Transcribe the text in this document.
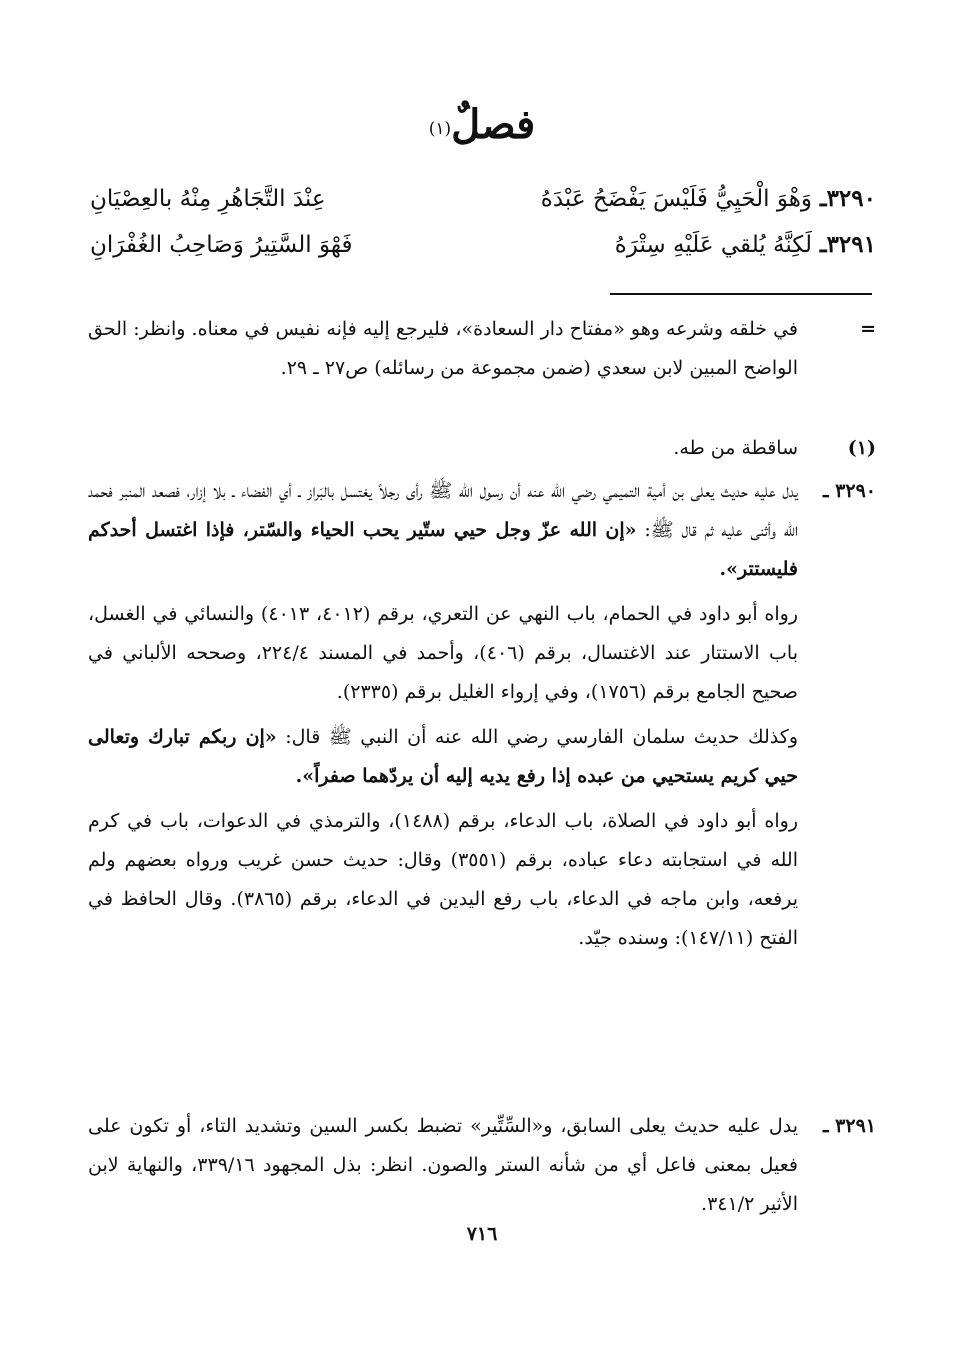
فصلٌ$^{(١)}$
٣٢٩٠ـ
وَهْوَ الْحَيِيُّ فَلَيْسَ يَفْضَحُ عَبْدَهُ
عِنْدَ التَّجَاهُرِ مِنْهُ بالعِصْيَانِ
٣٢٩١ـ
لَكِنَّهُ يُلقي عَلَيْهِ سِتْرَهُ
فَهْوَ السَّتِيرُ وَصَاحِبُ الغُفْرَانِ
=

في خلقه وشرعه وهو «مفتاح دار السعادة»، فليرجع إليه فإنه نفيس في معناه. وانظر: الحق الواضح المبين لابن سعدي (ضمن مجموعة من رسائله) ص٢٧ ـ ٢٩.

(١)

ساقطة من طه.

٣٢٩٠ ـ

يدل عليه حديث يعلى بن أمية التميمي رضي الله عنه أن رسول الله ﷺ رأى رجلاً يغتسل بالبَراز ـ أي الفضاء ـ بلا إزار، فصعد المنبر فحمد الله وأثنى عليه ثم قال ﷺ: «إن الله عزّ وجل حيي ستّير يحب الحياء والسّتر، فإذا اغتسل أحدكم فليستتر».

رواه أبو داود في الحمام، باب النهي عن التعري، برقم (٤٠١٢، ٤٠١٣) والنسائي في الغسل، باب الاستتار عند الاغتسال، برقم (٤٠٦)، وأحمد في المسند ٢٢٤/٤، وصححه الألباني في صحيح الجامع برقم (١٧٥٦)، وفي إرواء الغليل برقم (٢٣٣٥).

وكذلك حديث سلمان الفارسي رضي الله عنه أن النبي ﷺ قال: «إن ربكم تبارك وتعالى حيي كريم يستحيي من عبده إذا رفع يديه إليه أن يردّهما صفراً».

رواه أبو داود في الصلاة، باب الدعاء، برقم (١٤٨٨)، والترمذي في الدعوات، باب في كرم الله في استجابته دعاء عباده، برقم (٣٥٥١) وقال: حديث حسن غريب ورواه بعضهم ولم يرفعه، وابن ماجه في الدعاء، باب رفع اليدين في الدعاء، برقم (٣٨٦٥). وقال الحافظ في الفتح (١٤٧/١١): وسنده جيّد.

٣٢٩١ ـ

يدل عليه حديث يعلى السابق، و«السِّتِّير» تضبط بكسر السين وتشديد التاء، أو تكون على فعيل بمعنى فاعل أي من شأنه الستر والصون. انظر: بذل المجهود ٣٣٩/١٦، والنهاية لابن الأثير ٣٤١/٢.

٧١٦
